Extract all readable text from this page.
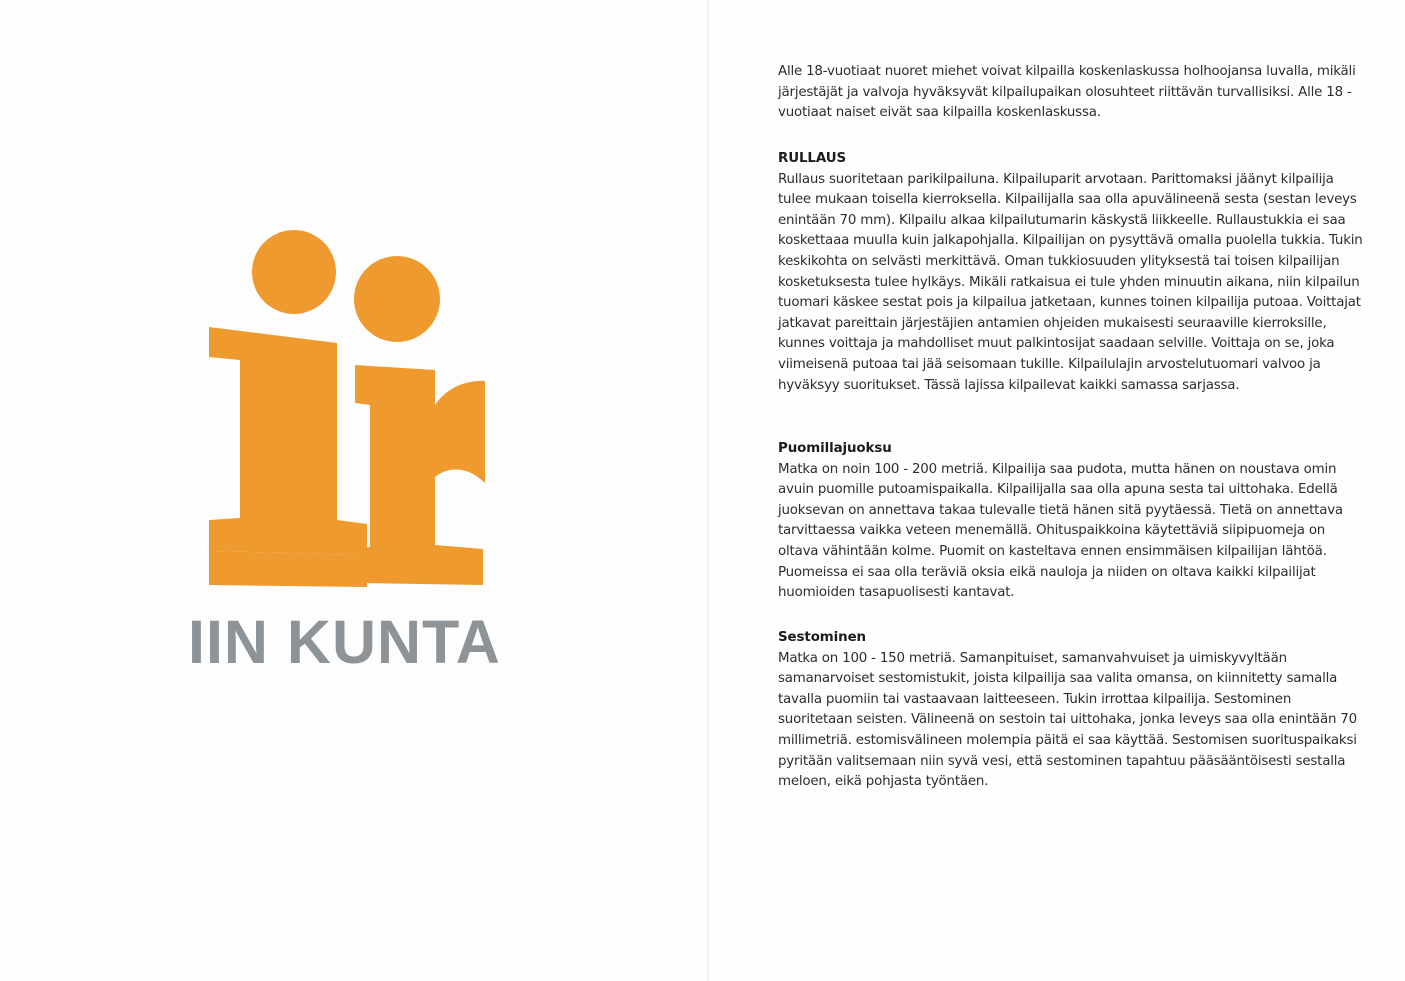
IIN KUNTA

Alle 18-vuotiaat nuoret miehet voivat kilpailla koskenlaskussa holhoojansa luvalla, mikäli järjestäjät ja valvoja hyväksyvät kilpailupaikan olosuhteet riittävän turvallisiksi. Alle 18 -vuotiaat naiset eivät saa kilpailla koskenlaskussa.

RULLAUS

Rullaus suoritetaan parikilpailuna. Kilpailuparit arvotaan. Parittomaksi jäänyt kilpailija tulee mukaan toisella kierroksella. Kilpailijalla saa olla apuvälineenä sesta (sestan leveys enintään 70 mm). Kilpailu alkaa kilpailutumarin käskystä liikkeelle. Rullaustukkia ei saa koskettaaa muulla kuin jalkapohjalla. Kilpailijan on pysyttävä omalla puolella tukkia. Tukin keskikohta on selvästi merkittävä. Oman tukkiosuuden ylityksestä tai toisen kilpailijan kosketuksesta tulee hylkäys. Mikäli ratkaisua ei tule yhden minuutin aikana, niin kilpailun tuomari käskee sestat pois ja kilpailua jatketaan, kunnes toinen kilpailija putoaa. Voittajat jatkavat pareittain järjestäjien antamien ohjeiden mukaisesti seuraaville kierroksille, kunnes voittaja ja mahdolliset muut palkintosijat saadaan selville. Voittaja on se, joka viimeisenä putoaa tai jää seisomaan tukille. Kilpailulajin arvostelutuomari valvoo ja hyväksyy suoritukset. Tässä lajissa kilpailevat kaikki samassa sarjassa.

Puomillajuoksu

Matka on noin 100 - 200 metriä. Kilpailija saa pudota, mutta hänen on noustava omin avuin puomille putoamispaikalla. Kilpailijalla saa olla apuna sesta tai uittohaka. Edellä juoksevan on annettava takaa tulevalle tietä hänen sitä pyytäessä. Tietä on annettava tarvittaessa vaikka veteen menemällä. Ohituspaikkoina käytettäviä siipipuomeja on oltava vähintään kolme. Puomit on kasteltava ennen ensimmäisen kilpailijan lähtöä. Puomeissa ei saa olla teräviä oksia eikä nauloja ja niiden on oltava kaikki kilpailijat huomioiden tasapuolisesti kantavat.

Sestominen

Matka on 100 - 150 metriä. Samanpituiset, samanvahvuiset ja uimiskyvyltään samanarvoiset sestomistukit, joista kilpailija saa valita omansa, on kiinnitetty samalla tavalla puomiin tai vastaavaan laitteeseen. Tukin irrottaa kilpailija. Sestominen suoritetaan seisten. Välineenä on sestoin tai uittohaka, jonka leveys saa olla enintään 70 millimetriä. estomisvälineen molempia päitä ei saa käyttää. Sestomisen suorituspaikaksi pyritään valitsemaan niin syvä vesi, että sestominen tapahtuu pääsääntöisesti sestalla meloen, eikä pohjasta työntäen.
